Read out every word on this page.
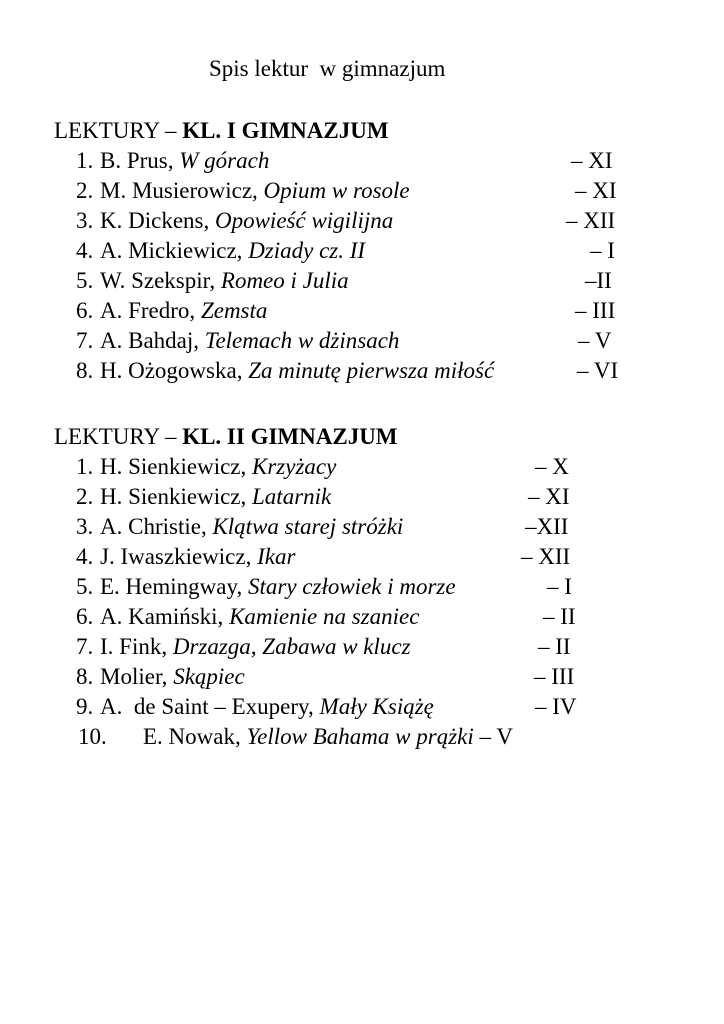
Spis lektur  w gimnazjum
LEKTURY – KL. I GIMNAZJUM
1. B. Prus, W górach	– XI
2. M. Musierowicz, Opium w rosole	– XI
3. K. Dickens, Opowieść wigilijna	– XII
4. A. Mickiewicz, Dziady cz. II	– I
5. W. Szekspir, Romeo i Julia	–II
6. A. Fredro, Zemsta	– III
7. A. Bahdaj, Telemach w dżinsach	– V
8. H. Ożogowska, Za minutę pierwsza miłość	– VI
LEKTURY – KL. II GIMNAZJUM
1. H. Sienkiewicz, Krzyżacy	– X
2. H. Sienkiewicz, Latarnik	– XI
3. A. Christie, Klątwa starej stróżki	–XII
4. J. Iwaszkiewicz, Ikar	– XII
5. E. Hemingway, Stary człowiek i morze	– I
6. A. Kamiński, Kamienie na szaniec	– II
7. I. Fink, Drzazga, Zabawa w klucz	– II
8. Molier, Skąpiec	– III
9. A.  de Saint – Exupery, Mały Książę	– IV
10. E. Nowak, Yellow Bahama w prążki – V
